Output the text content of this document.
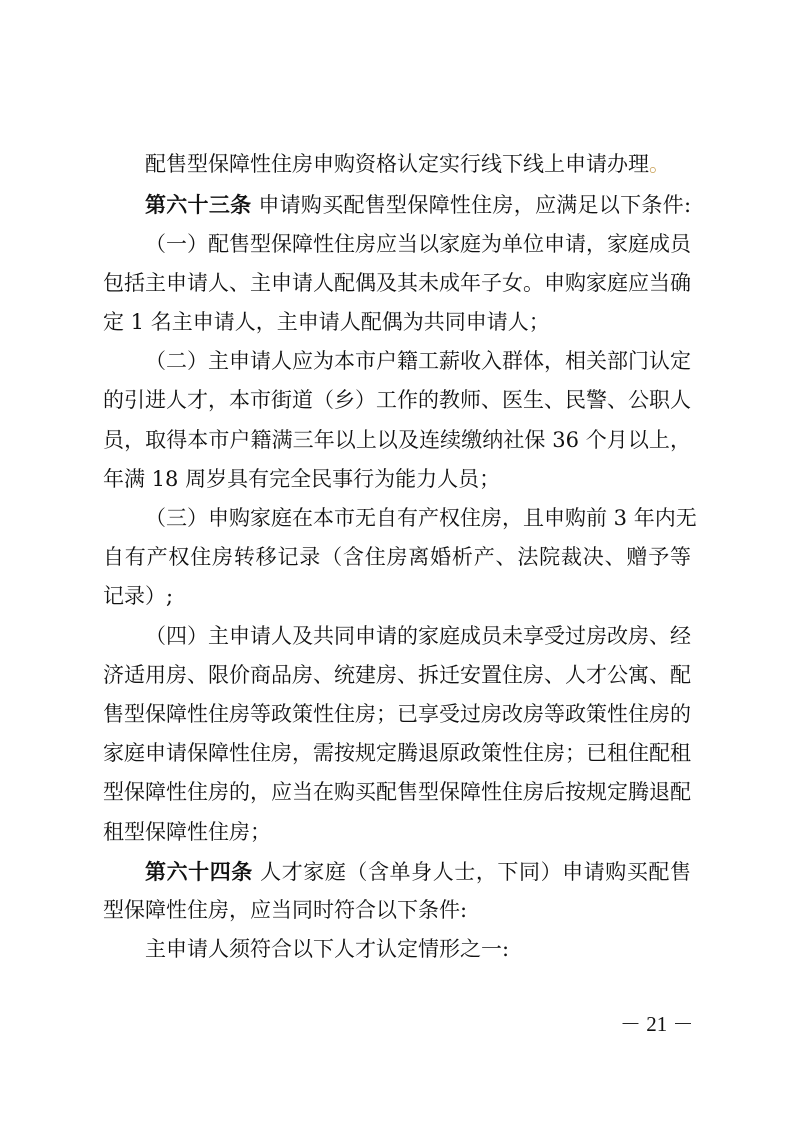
配售型保障性住房申购资格认定实行线下线上申请办理。
第六十三条 申请购买配售型保障性住房，应满足以下条件:
（一）配售型保障性住房应当以家庭为单位申请，家庭成员
包括主申请人、主申请人配偶及其未成年子女。申购家庭应当确
定 1 名主申请人，主申请人配偶为共同申请人；
（二）主申请人应为本市户籍工薪收入群体，相关部门认定
的引进人才，本市街道（乡）工作的教师、医生、民警、公职人
员，取得本市户籍满三年以上以及连续缴纳社保 36 个月以上，
年满 18 周岁具有完全民事行为能力人员；
（三）申购家庭在本市无自有产权住房，且申购前 3 年内无
自有产权住房转移记录（含住房离婚析产、法院裁决、赠予等
记录）;
（四）主申请人及共同申请的家庭成员未享受过房改房、经
济适用房、限价商品房、统建房、拆迁安置住房、人才公寓、配
售型保障性住房等政策性住房；已享受过房改房等政策性住房的
家庭申请保障性住房，需按规定腾退原政策性住房；已租住配租
型保障性住房的，应当在购买配售型保障性住房后按规定腾退配
租型保障性住房；
第六十四条 人才家庭（含单身人士，下同）申请购买配售
型保障性住房，应当同时符合以下条件:
主申请人须符合以下人才认定情形之一:
－ 21 －
